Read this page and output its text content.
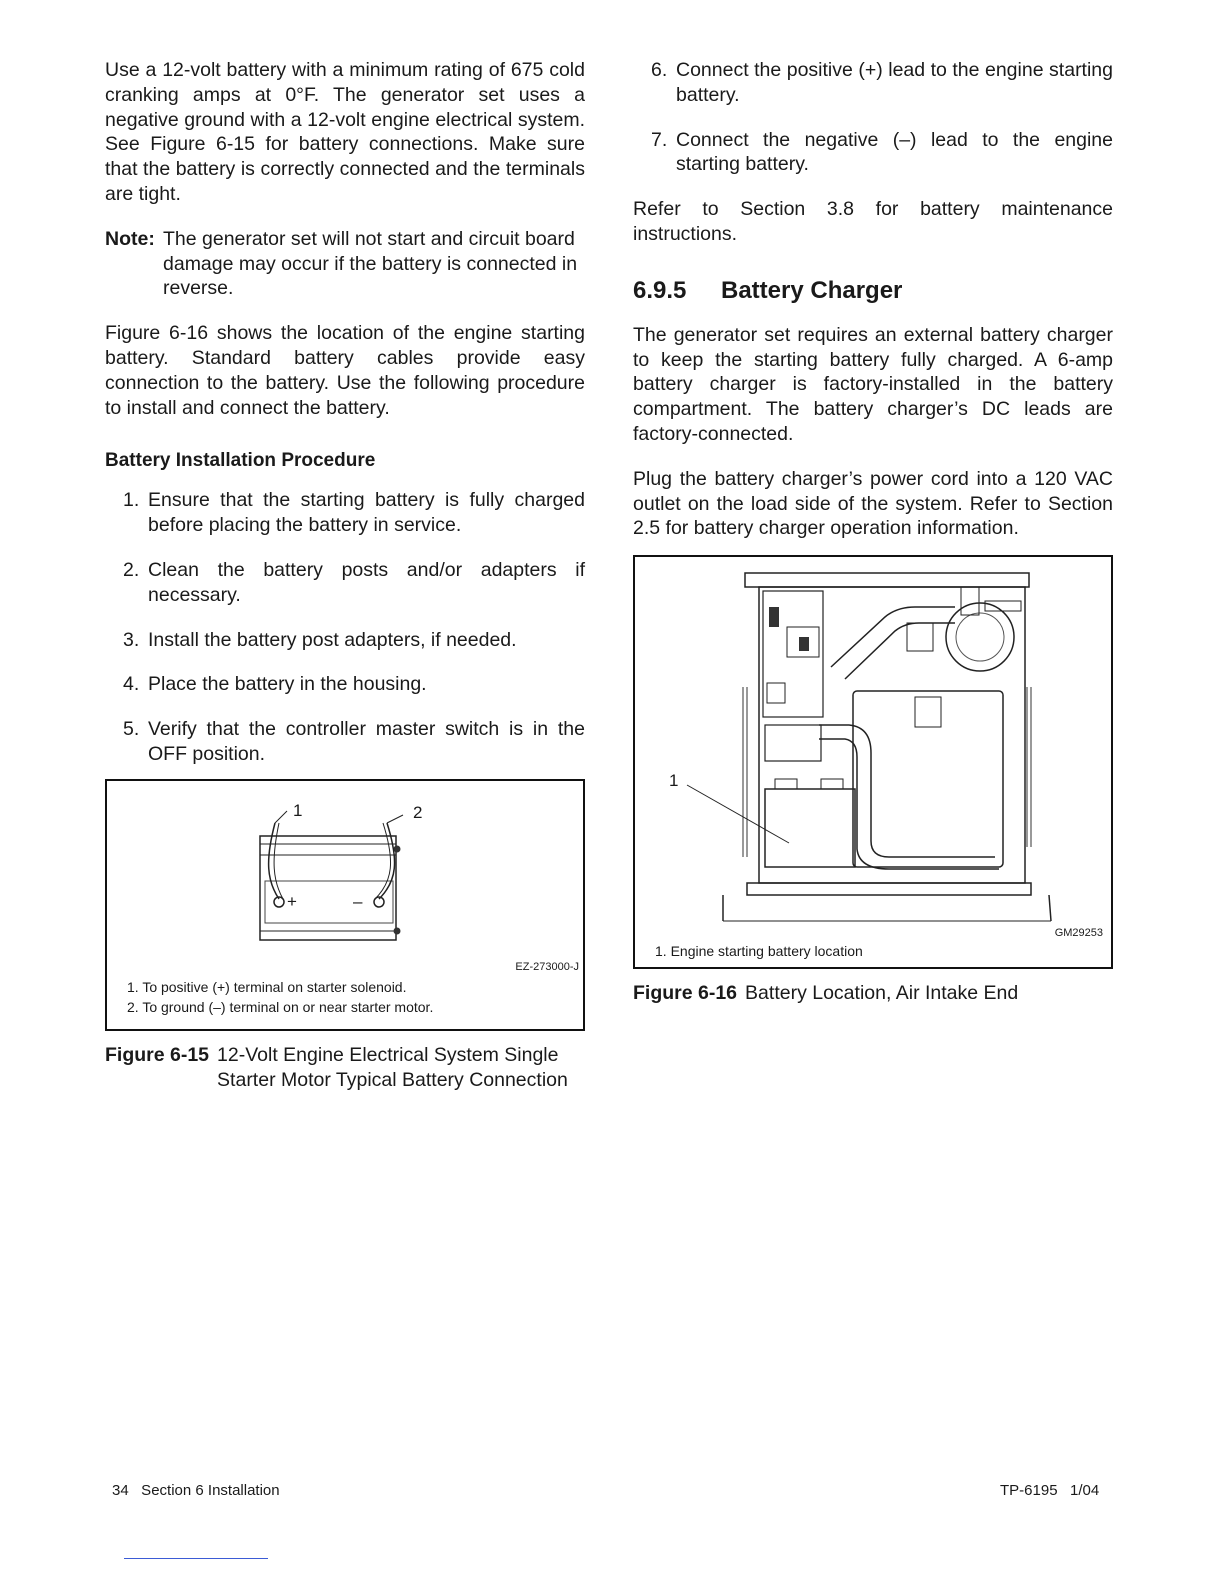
Use a 12-volt battery with a minimum rating of 675 cold cranking amps at 0°F. The generator set uses a negative ground with a 12-volt engine electrical system. See Figure 6-15 for battery connections. Make sure that the battery is correctly connected and the terminals are tight.

Note: The generator set will not start and circuit board damage may occur if the battery is connected in reverse.

Figure 6-16 shows the location of the engine starting battery. Standard battery cables provide easy connection to the battery. Use the following procedure to install and connect the battery.

Battery Installation Procedure
1. Ensure that the starting battery is fully charged before placing the battery in service.
2. Clean the battery posts and/or adapters if necessary.
3. Install the battery post adapters, if needed.
4. Place the battery in the housing.
5. Verify that the controller master switch is in the OFF position.
1	2
+	–
EZ-273000-J
1. To positive (+) terminal on starter solenoid.
2. To ground (–) terminal on or near starter motor.
Figure 6-15 12-Volt Engine Electrical System Single Starter Motor Typical Battery Connection
6. Connect the positive (+) lead to the engine starting battery.
7. Connect the negative (–) lead to the engine starting battery.

Refer to Section 3.8 for battery maintenance instructions.

6.9.5 Battery Charger

The generator set requires an external battery charger to keep the starting battery fully charged. A 6-amp battery charger is factory-installed in the battery compartment. The battery charger’s DC leads are factory-connected.

Plug the battery charger’s power cord into a 120 VAC outlet on the load side of the system. Refer to Section 2.5 for battery charger operation information.

1
GM29253
1. Engine starting battery location
Figure 6-16 Battery Location, Air Intake End
34   Section 6 Installation	TP-6195   1/04
